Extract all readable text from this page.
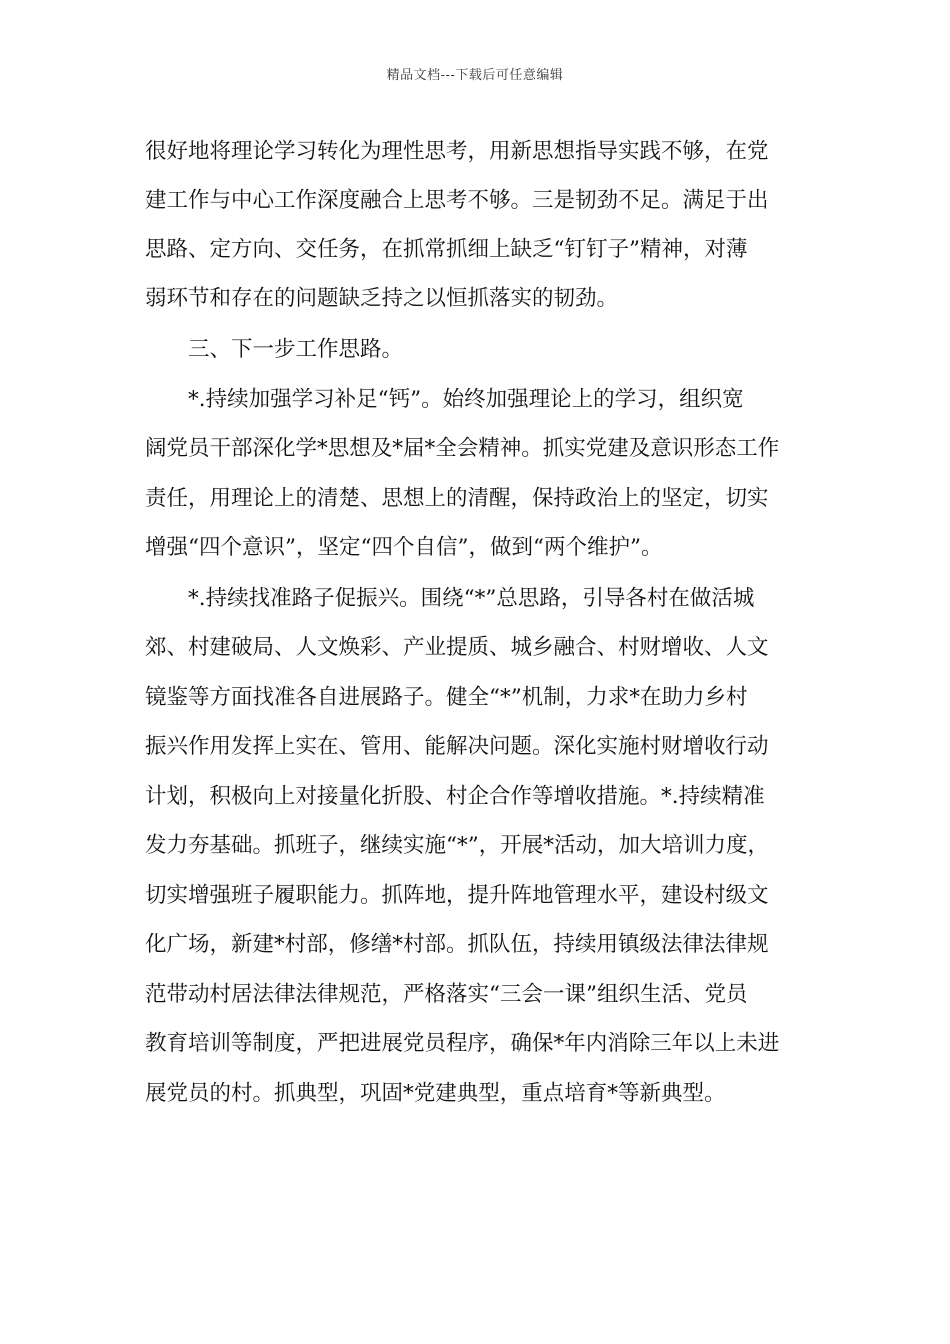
精品文档---下载后可任意编辑
很好地将理论学习转化为理性思考，用新思想指导实践不够，在党
建工作与中心工作深度融合上思考不够。三是韧劲不足。满足于出
思路、定方向、交任务，在抓常抓细上缺乏“钉钉子”精神，对薄
弱环节和存在的问题缺乏持之以恒抓落实的韧劲。
三、下一步工作思路。
*.持续加强学习补足“钙”。始终加强理论上的学习，组织宽
阔党员干部深化学*思想及*届*全会精神。抓实党建及意识形态工作
责任，用理论上的清楚、思想上的清醒，保持政治上的坚定，切实
增强“四个意识”，坚定“四个自信”，做到“两个维护”。
*.持续找准路子促振兴。围绕“*”总思路，引导各村在做活城
郊、村建破局、人文焕彩、产业提质、城乡融合、村财增收、人文
镜鉴等方面找准各自进展路子。健全“*”机制，力求*在助力乡村
振兴作用发挥上实在、管用、能解决问题。深化实施村财增收行动
计划，积极向上对接量化折股、村企合作等增收措施。*.持续精准
发力夯基础。抓班子，继续实施“*”，开展*活动，加大培训力度，
切实增强班子履职能力。抓阵地，提升阵地管理水平，建设村级文
化广场，新建*村部，修缮*村部。抓队伍，持续用镇级法律法律规
范带动村居法律法律规范，严格落实“三会一课”组织生活、党员
教育培训等制度，严把进展党员程序，确保*年内消除三年以上未进
展党员的村。抓典型，巩固*党建典型，重点培育*等新典型。
